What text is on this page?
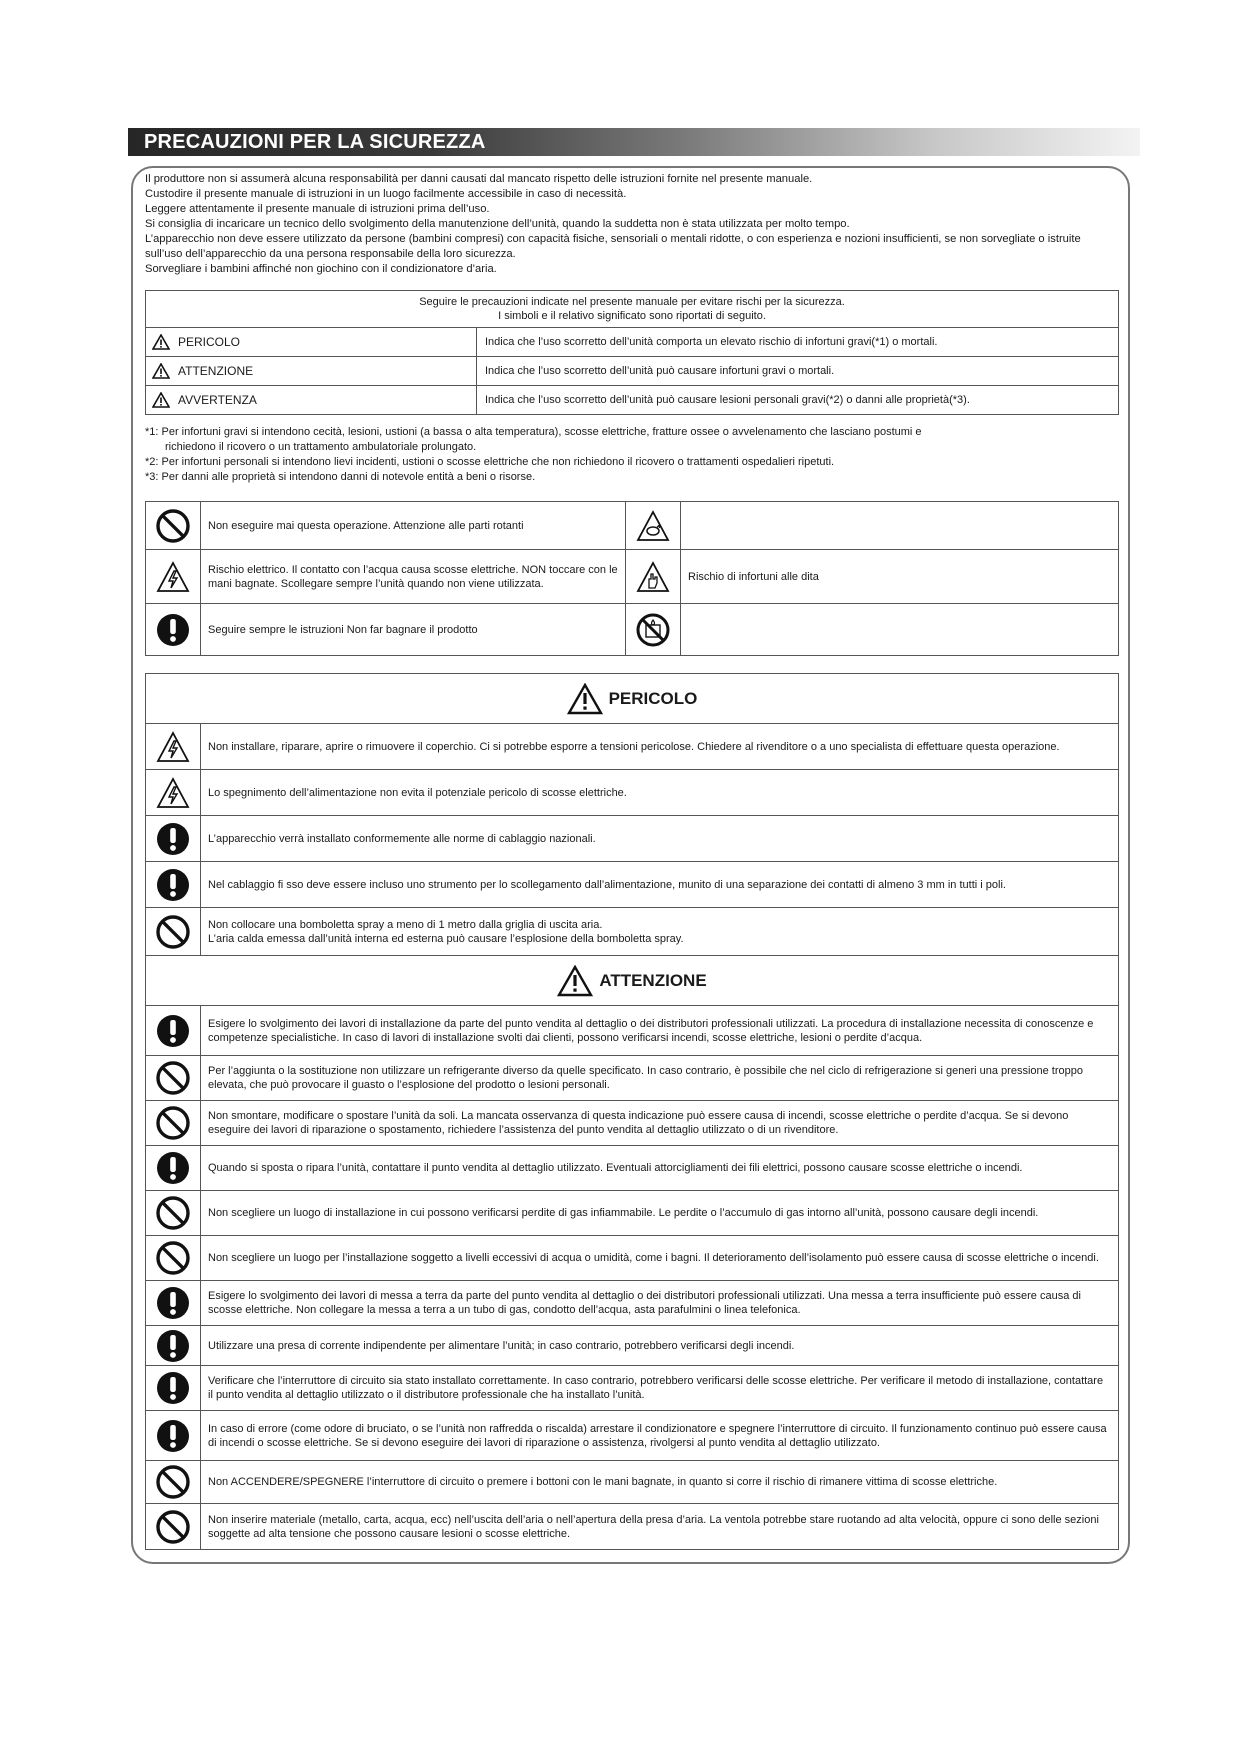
PRECAUZIONI PER LA SICUREZZA

Il produttore non si assumerà alcuna responsabilità per danni causati dal mancato rispetto delle istruzioni fornite nel presente manuale.

Custodire il presente manuale di istruzioni in un luogo facilmente accessibile in caso di necessità.

Leggere attentamente il presente manuale di istruzioni prima dell’uso.

Si consiglia di incaricare un tecnico dello svolgimento della manutenzione dell’unità, quando la suddetta non è stata utilizzata per molto tempo.

L’apparecchio non deve essere utilizzato da persone (bambini compresi) con capacità fisiche, sensoriali o mentali ridotte, o con esperienza e nozioni insufficienti, se non sorvegliate o istruite sull’uso dell’apparecchio da una persona responsabile della loro sicurezza.

Sorvegliare i bambini affinché non giochino con il condizionatore d’aria.

Seguire le precauzioni indicate nel presente manuale per evitare rischi per la sicurezza.
I simboli e il relativo significato sono riportati di seguito.	

PERICOLO	Indica che l’uso scorretto dell’unità comporta un elevato rischio di infortuni gravi(*1) o mortali.

ATTENZIONE	Indica che l’uso scorretto dell’unità può causare infortuni gravi o mortali.

AVVERTENZA	Indica che l’uso scorretto dell’unità può causare lesioni personali gravi(*2) o danni alle proprietà(*3).

*1: Per infortuni gravi si intendono cecità, lesioni, ustioni (a bassa o alta temperatura), scosse elettriche, fratture ossee o avvelenamento che lasciano postumi e

richiedono il ricovero o un trattamento ambulatoriale prolungato.

*2: Per infortuni personali si intendono lievi incidenti, ustioni o scosse elettriche che non richiedono il ricovero o trattamenti ospedalieri ripetuti.

*3: Per danni alle proprietà si intendono danni di notevole entità a beni o risorse.

	Non eseguire mai questa operazione. Attenzione alle parti rotanti		
	Rischio elettrico. Il contatto con l’acqua causa scosse elettriche. NON toccare con le mani bagnate. Scollegare sempre l’unità quando non viene utilizzata.		Rischio di infortuni alle dita
	Seguire sempre le istruzioni Non far bagnare il prodotto		
PERICOLO	

	Non installare, riparare, aprire o rimuovere il coperchio. Ci si potrebbe esporre a tensioni pericolose. Chiedere al rivenditore o a uno specialista di effettuare questa operazione.
	Lo spegnimento dell’alimentazione non evita il potenziale pericolo di scosse elettriche.
	L’apparecchio verrà installato conformemente alle norme di cablaggio nazionali.
	Nel cablaggio fi sso deve essere incluso uno strumento per lo scollegamento dall’alimentazione, munito di una separazione dei contatti di almeno 3 mm in tutti i poli.
	Non collocare una bomboletta spray a meno di 1 metro dalla griglia di uscita aria.
L’aria calda emessa dall’unità interna ed esterna può causare l’esplosione della bomboletta spray.

ATTENZIONE	

	Esigere lo svolgimento dei lavori di installazione da parte del punto vendita al dettaglio o dei distributori professionali utilizzati. La procedura di installazione necessita di conoscenze e competenze specialistiche. In caso di lavori di installazione svolti dai clienti, possono verificarsi incendi, scosse elettriche, lesioni o perdite d’acqua.
	Per l’aggiunta o la sostituzione non utilizzare un refrigerante diverso da quelle specificato. In caso contrario, è possibile che nel ciclo di refrigerazione si generi una pressione troppo elevata, che può provocare il guasto o l’esplosione del prodotto o lesioni personali.
	Non smontare, modificare o spostare l’unità da soli. La mancata osservanza di questa indicazione può essere causa di incendi, scosse elettriche o perdite d’acqua. Se si devono eseguire dei lavori di riparazione o spostamento, richiedere l’assistenza del punto vendita al dettaglio utilizzato o di un rivenditore.
	Quando si sposta o ripara l’unità, contattare il punto vendita al dettaglio utilizzato. Eventuali attorcigliamenti dei fili elettrici, possono causare scosse elettriche o incendi.
	Non scegliere un luogo di installazione in cui possono verificarsi perdite di gas infiammabile. Le perdite o l’accumulo di gas intorno all’unità, possono causare degli incendi.
	Non scegliere un luogo per l’installazione soggetto a livelli eccessivi di acqua o umidità, come i bagni. Il deterioramento dell’isolamento può essere causa di scosse elettriche o incendi.
	Esigere lo svolgimento dei lavori di messa a terra da parte del punto vendita al dettaglio o dei distributori professionali utilizzati. Una messa a terra insufficiente può essere causa di scosse elettriche. Non collegare la messa a terra a un tubo di gas, condotto dell’acqua, asta parafulmini o linea telefonica.
	Utilizzare una presa di corrente indipendente per alimentare l’unità; in caso contrario, potrebbero verificarsi degli incendi.
	Verificare che l’interruttore di circuito sia stato installato correttamente. In caso contrario, potrebbero verificarsi delle scosse elettriche. Per verificare il metodo di installazione, contattare il punto vendita al dettaglio utilizzato o il distributore professionale che ha installato l’unità.
	In caso di errore (come odore di bruciato, o se l’unità non raffredda o riscalda) arrestare il condizionatore e spegnere l’interruttore di circuito. Il funzionamento continuo può essere causa di incendi o scosse elettriche. Se si devono eseguire dei lavori di riparazione o assistenza, rivolgersi al punto vendita al dettaglio utilizzato.
	Non ACCENDERE/SPEGNERE l’interruttore di circuito o premere i bottoni con le mani bagnate, in quanto si corre il rischio di rimanere vittima di scosse elettriche.
	Non inserire materiale (metallo, carta, acqua, ecc) nell’uscita dell’aria o nell’apertura della presa d’aria. La ventola potrebbe stare ruotando ad alta velocità, oppure ci sono delle sezioni soggette ad alta tensione che possono causare lesioni o scosse elettriche.
